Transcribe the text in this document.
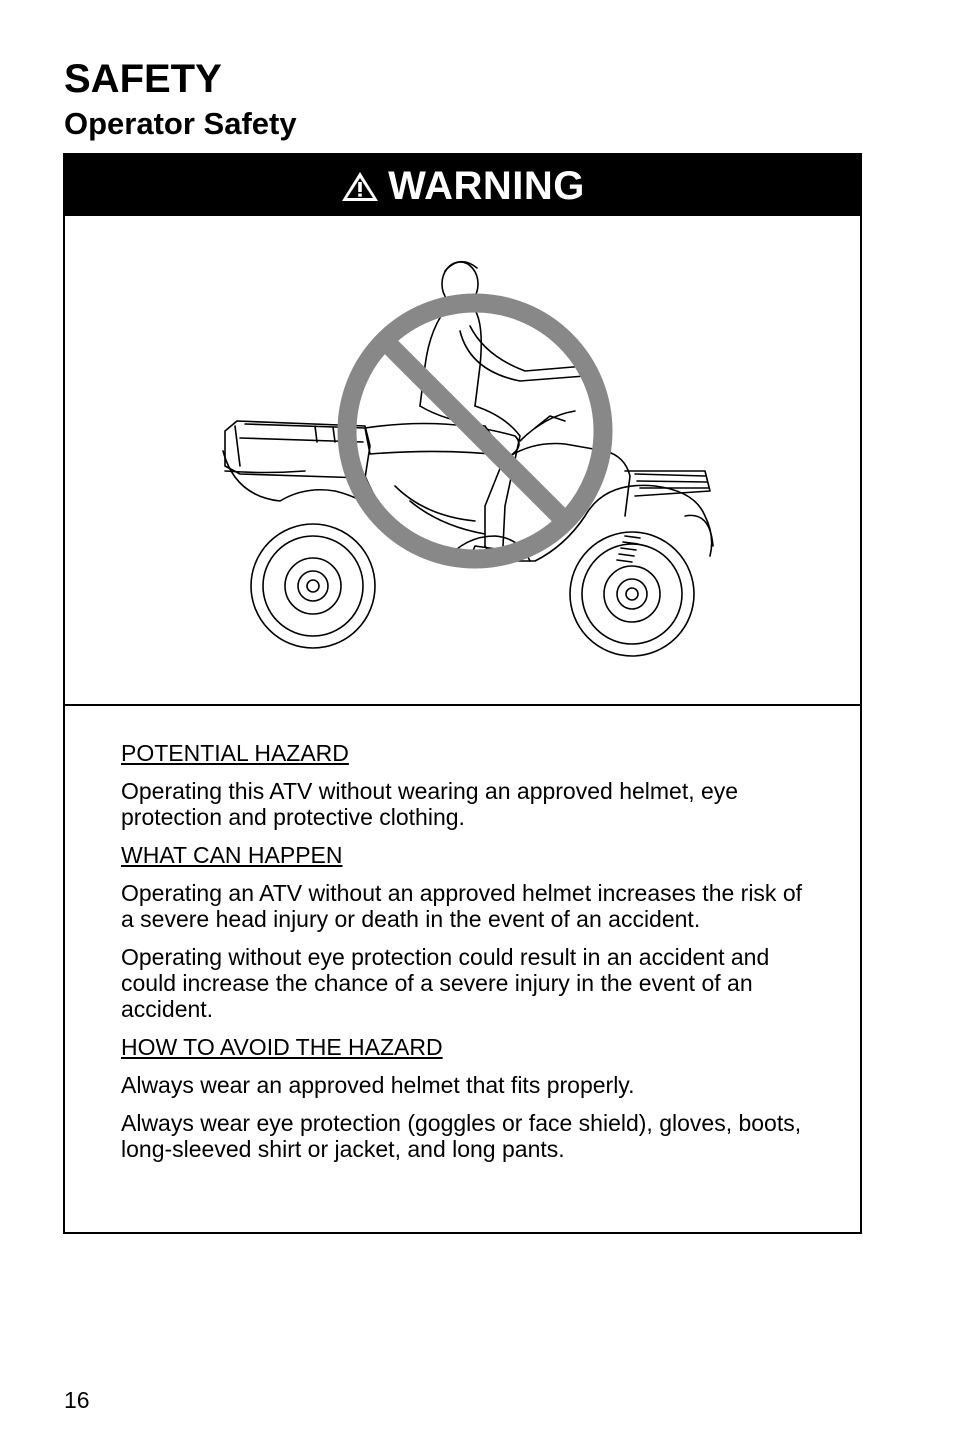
SAFETY
Operator Safety
WARNING

POTENTIAL HAZARD

Operating this ATV without wearing an approved helmet, eye protection and protective clothing.

WHAT CAN HAPPEN

Operating an ATV without an approved helmet increases the risk of a severe head injury or death in the event of an accident.

Operating without eye protection could result in an accident and could increase the chance of a severe injury in the event of an accident.

HOW TO AVOID THE HAZARD

Always wear an approved helmet that fits properly.

Always wear eye protection (goggles or face shield), gloves, boots, long-sleeved shirt or jacket, and long pants.

16
